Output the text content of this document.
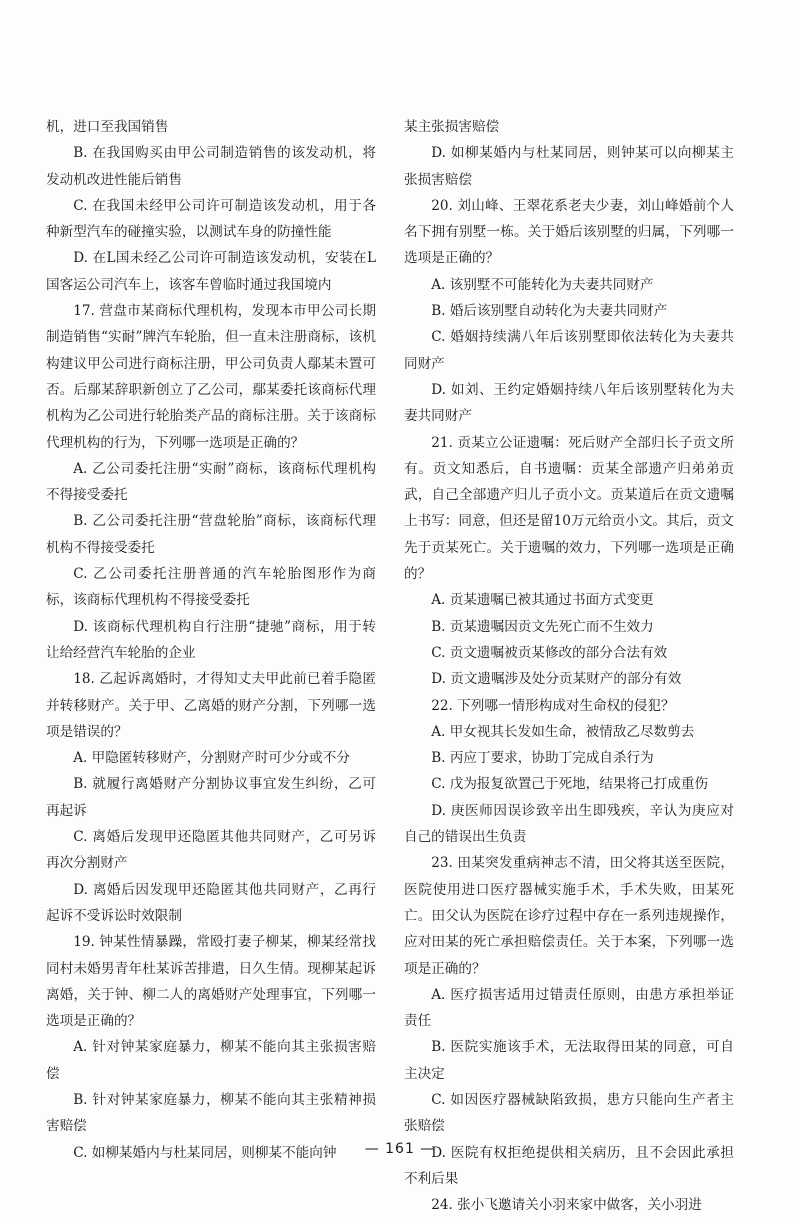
机，进口至我国销售

B. 在我国购买由甲公司制造销售的该发动机，将发动机改进性能后销售

C. 在我国未经甲公司许可制造该发动机，用于各种新型汽车的碰撞实验，以测试车身的防撞性能

D. 在L国未经乙公司许可制造该发动机，安装在L国客运公司汽车上，该客车曾临时通过我国境内

17. 营盘市某商标代理机构，发现本市甲公司长期制造销售“实耐”牌汽车轮胎，但一直未注册商标，该机构建议甲公司进行商标注册，甲公司负责人鄢某未置可否。后鄢某辞职新创立了乙公司，鄢某委托该商标代理机构为乙公司进行轮胎类产品的商标注册。关于该商标代理机构的行为，下列哪一选项是正确的？

A. 乙公司委托注册“实耐”商标，该商标代理机构不得接受委托

B. 乙公司委托注册“营盘轮胎”商标，该商标代理机构不得接受委托

C. 乙公司委托注册普通的汽车轮胎图形作为商标，该商标代理机构不得接受委托

D. 该商标代理机构自行注册“捷驰”商标，用于转让给经营汽车轮胎的企业

18. 乙起诉离婚时，才得知丈夫甲此前已着手隐匿并转移财产。关于甲、乙离婚的财产分割，下列哪一选项是错误的？

A. 甲隐匿转移财产，分割财产时可少分或不分

B. 就履行离婚财产分割协议事宜发生纠纷，乙可再起诉

C. 离婚后发现甲还隐匿其他共同财产，乙可另诉再次分割财产

D. 离婚后因发现甲还隐匿其他共同财产，乙再行起诉不受诉讼时效限制

19. 钟某性情暴躁，常殴打妻子柳某，柳某经常找同村未婚男青年杜某诉苦排遣，日久生情。现柳某起诉离婚，关于钟、柳二人的离婚财产处理事宜，下列哪一选项是正确的？

A. 针对钟某家庭暴力，柳某不能向其主张损害赔偿

B. 针对钟某家庭暴力，柳某不能向其主张精神损害赔偿

C. 如柳某婚内与杜某同居，则柳某不能向钟

某主张损害赔偿

D. 如柳某婚内与杜某同居，则钟某可以向柳某主张损害赔偿

20. 刘山峰、王翠花系老夫少妻，刘山峰婚前个人名下拥有别墅一栋。关于婚后该别墅的归属，下列哪一选项是正确的？

A. 该别墅不可能转化为夫妻共同财产

B. 婚后该别墅自动转化为夫妻共同财产

C. 婚姻持续满八年后该别墅即依法转化为夫妻共同财产

D. 如刘、王约定婚姻持续八年后该别墅转化为夫妻共同财产

21. 贡某立公证遗嘱：死后财产全部归长子贡文所有。贡文知悉后，自书遗嘱：贡某全部遗产归弟弟贡武，自己全部遗产归儿子贡小文。贡某道后在贡文遗嘱上书写：同意，但还是留10万元给贡小文。其后，贡文先于贡某死亡。关于遗嘱的效力，下列哪一选项是正确的？

A. 贡某遗嘱已被其通过书面方式变更

B. 贡某遗嘱因贡文先死亡而不生效力

C. 贡文遗嘱被贡某修改的部分合法有效

D. 贡文遗嘱涉及处分贡某财产的部分有效

22. 下列哪一情形构成对生命权的侵犯？

A. 甲女视其长发如生命，被情敌乙尽数剪去

B. 丙应丁要求，协助丁完成自杀行为

C. 戊为报复欲置己于死地，结果将己打成重伤

D. 庚医师因误诊致辛出生即残疾，辛认为庚应对自己的错误出生负责

23. 田某突发重病神志不清，田父将其送至医院，医院使用进口医疗器械实施手术，手术失败，田某死亡。田父认为医院在诊疗过程中存在一系列违规操作，应对田某的死亡承担赔偿责任。关于本案，下列哪一选项是正确的？

A. 医疗损害适用过错责任原则，由患方承担举证责任

B. 医院实施该手术，无法取得田某的同意，可自主决定

C. 如因医疗器械缺陷致损，患方只能向生产者主张赔偿

D. 医院有权拒绝提供相关病历，且不会因此承担不利后果

24. 张小飞邀请关小羽来家中做客，关小羽进

— 161 —
